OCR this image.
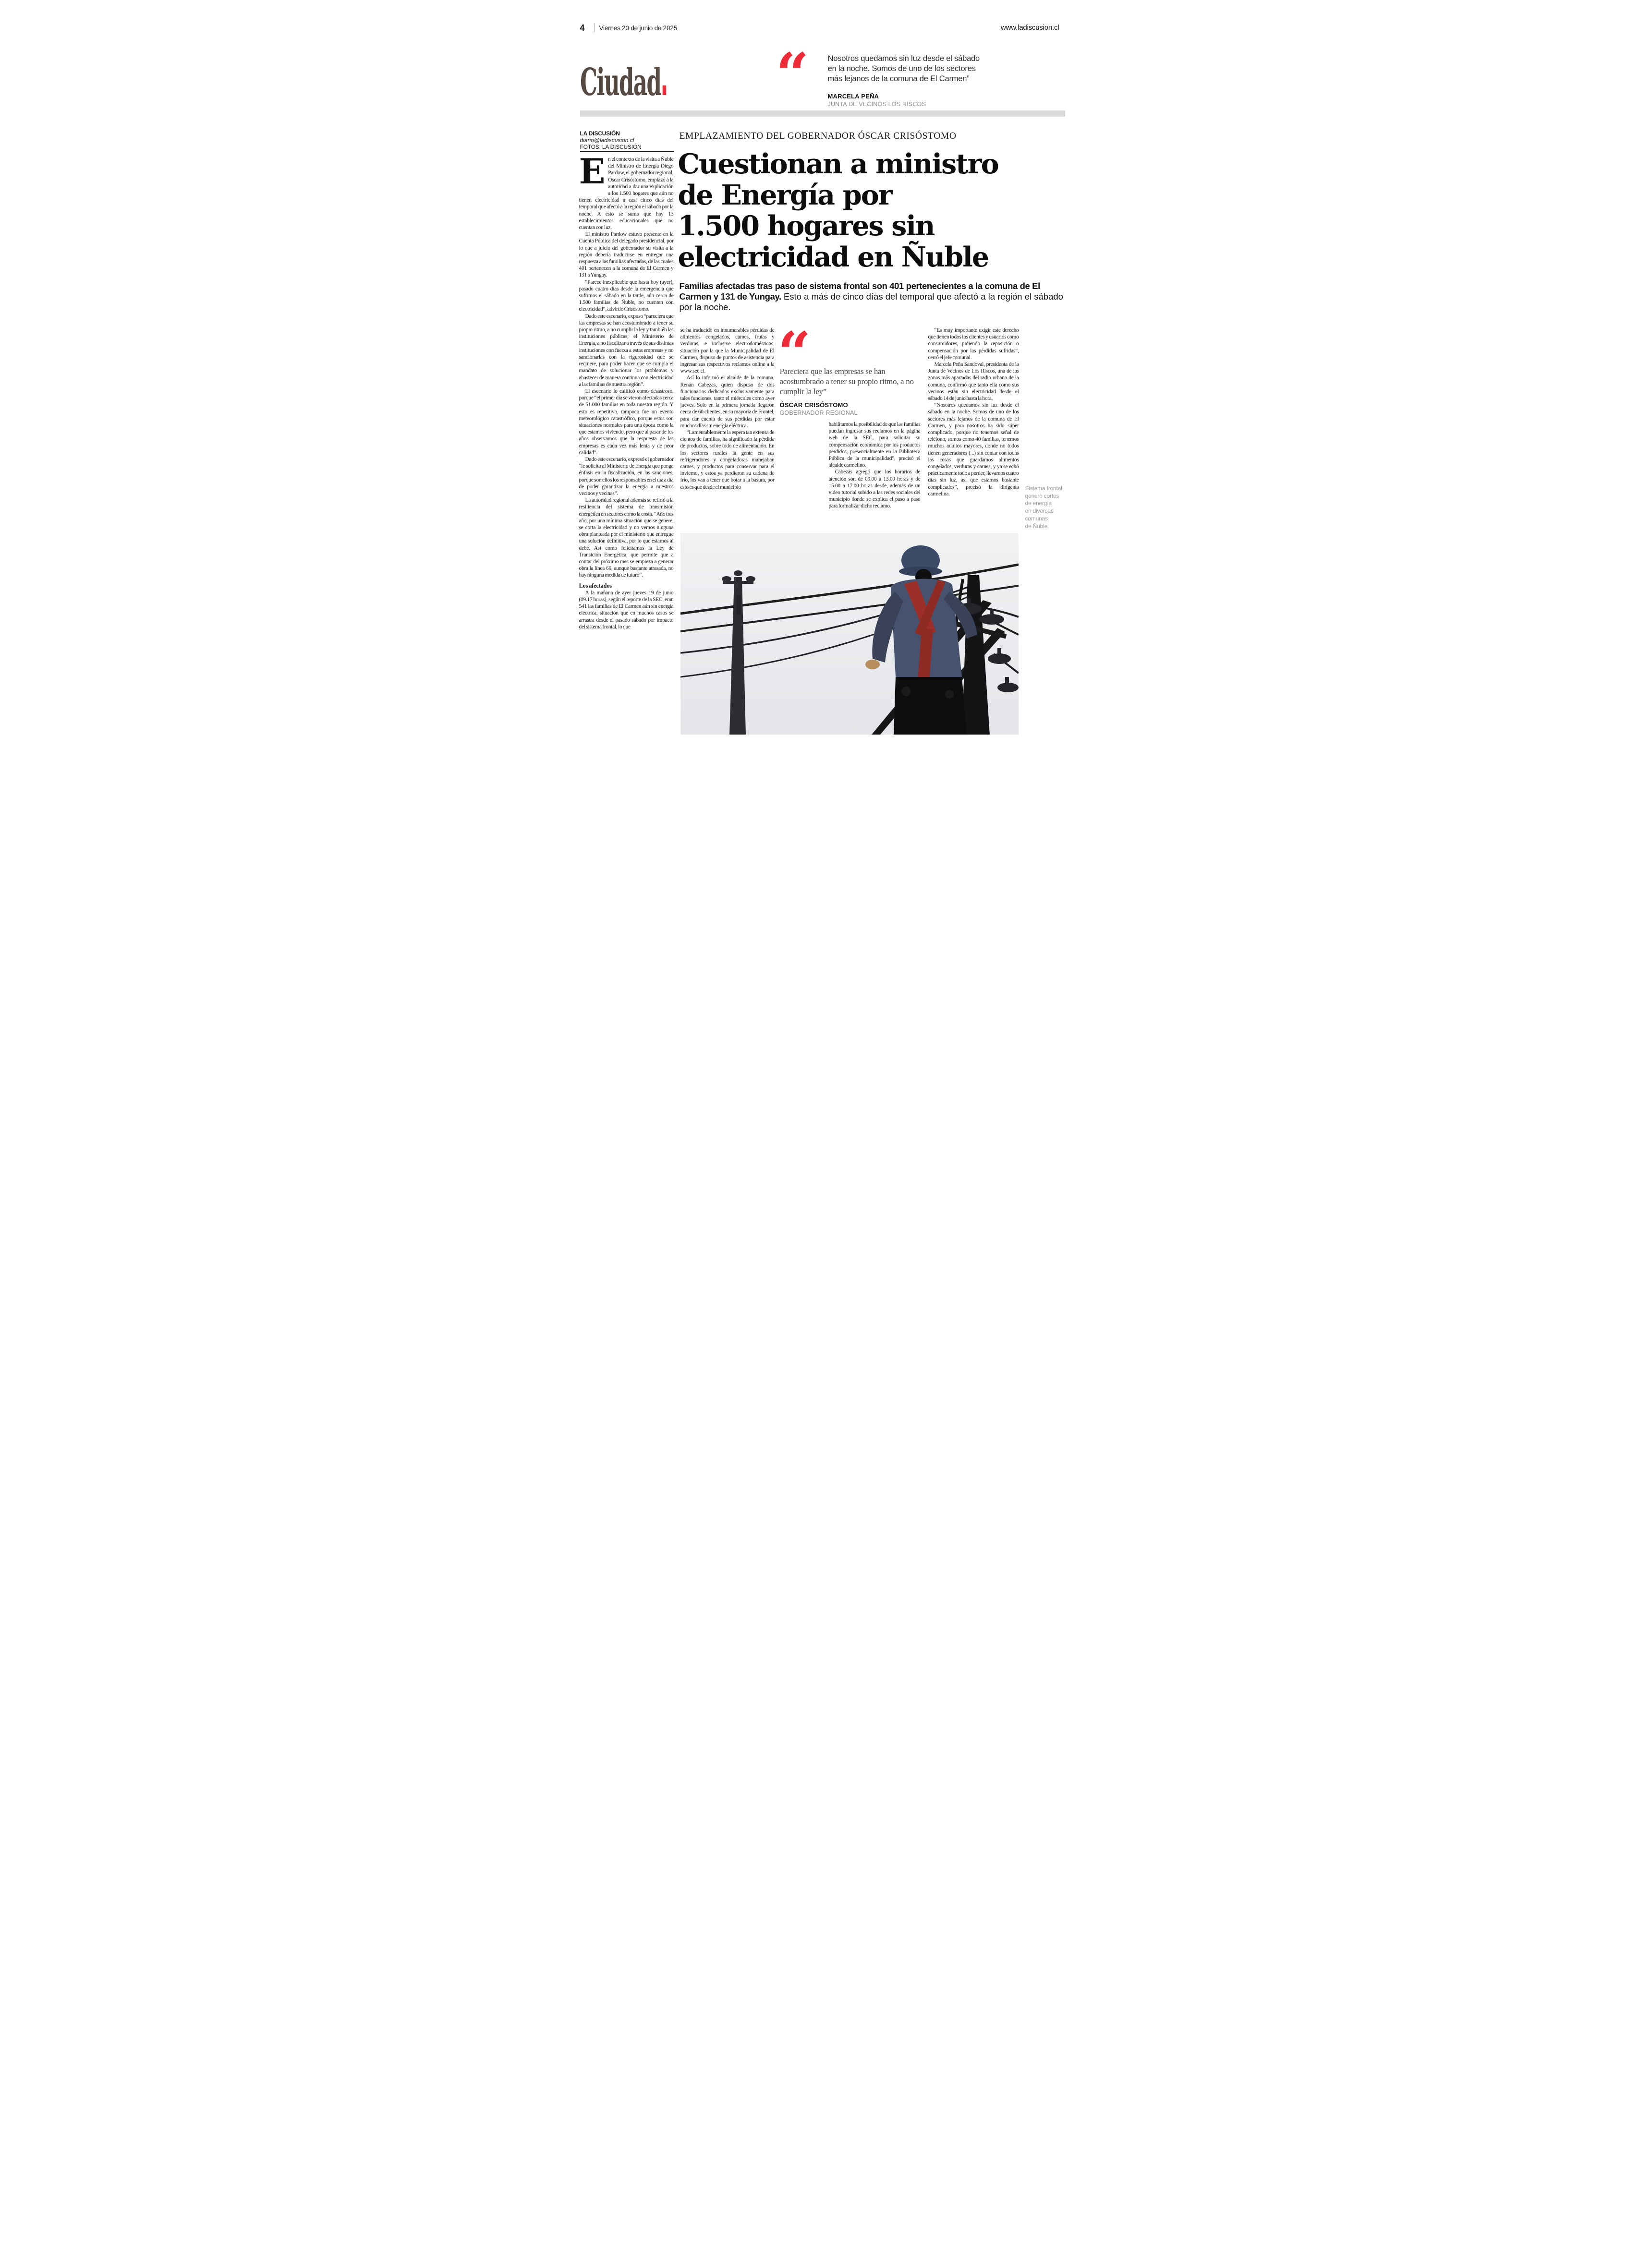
4 Viernes 20 de junio de 2025	www.ladiscusion.cl
Ciudad “	Nosotros quedamos sin luz desde el sábado en la noche. Somos de uno de los sectores más lejanos de la comuna de El Carmen”
MARCELA PEÑA
JUNTA DE VECINOS LOS RISCOS
LA DISCUSIÓN
diario@ladiscusion.cl
FOTOS: LA DISCUSIÓN
EMPLAZAMIENTO DEL GOBERNADOR ÓSCAR CRISÓSTOMO
Cuestionan a ministro
de Energía por
1.500 hogares sin
electricidad en Ñuble
Familias afectadas tras paso de sistema frontal son 401 pertenecientes a la comuna de El Carmen y 131 de Yungay. Esto a más de cinco días del temporal que afectó a la región el sábado por la noche.

En el contexto de la visita a Ñuble del Ministro de Energía Diego Pardow, el gobernador regional, Óscar Crisóstomo, emplazó a la autoridad a dar una explicación a los 1.500 hogares que aún no tienen electricidad a casi cinco días del temporal que afectó a la región el sábado por la noche. A esto se suma que hay 13 establecimientos educacionales que no cuentan con luz.

El ministro Pardow estuvo presente en la Cuenta Pública del delegado presidencial, por lo que a juicio del gobernador su visita a la región debería traducirse en entregar una respuesta a las familias afectadas, de las cuales 401 pertenecen a la comuna de El Carmen y 131 a Yungay.

“Parece inexplicable que hasta hoy (ayer), pasado cuatro días desde la emergencia que sufrimos el sábado en la tarde, aún cerca de 1.500 familias de Ñuble, no cuenten con electricidad”, advirtió Crisóstomo.

Dado este escenario, expuso “pareciera que las empresas se han acostumbrado a tener su propio ritmo, a no cumplir la ley y también las instituciones públicas, el Ministerio de Energía, a no fiscalizar a través de sus distintas instituciones con fuerza a estas empresas y no sancionarlas con la rigurosidad que se requiere, para poder hacer que se cumpla el mandato de solucionar los problemas y abastecer de manera continua con electricidad a las familias de nuestra región”.

El escenario lo calificó como desastroso, porque “el primer día se vieron afectadas cerca de 51.000 familias en toda nuestra región. Y esto es repetitivo, tampoco fue un evento meteorológico catastrófico, porque estos son situaciones normales para una época como la que estamos viviendo, pero que al pasar de los años observamos que la respuesta de las empresas es cada vez más lenta y de peor calidad”.

Dado este escenario, expresó el gobernador “le solicito al Ministerio de Energía que ponga énfasis en la fiscalización, en las sanciones, porque son ellos los responsables en el día a día de poder garantizar la energía a nuestros vecinos y vecinas”.

La autoridad regional además se refirió a la resiliencia del sistema de transmisión energética en sectores como la costa. “Año tras año, por una mínima situación que se genere, se corta la electricidad y no vemos ninguna obra planteada por el ministerio que entregue una solución definitiva, por lo que estamos al debe. Así como felicitamos la Ley de Transición Energética, que permite que a contar del próximo mes se empieza a generar obra la línea 66, aunque bastante atrasada, no hay ninguna medida de futuro”.

Los afectados

A la mañana de ayer jueves 19 de junio (09.17 horas), según el reporte de la SEC, eran 541 las familias de El Carmen aún sin energía eléctrica, situación que en muchos casos se arrastra desde el pasado sábado por impacto del sistema frontal, lo que

se ha traducido en innumerables pérdidas de alimentos congelados, carnes, frutas y verduras, e inclusive electrodomésticos, situación por la que la Municipalidad de El Carmen, dispuso de puntos de asistencia para ingresar sus respectivos reclamos online a la www.sec.cl.

Así lo informó el alcalde de la comuna, Renán Cabezas, quien dispuso de dos funcionarios dedicados exclusivamente para tales funciones, tanto el miércoles como ayer jueves. Solo en la primera jornada llegaron cerca de 60 clientes, en su mayoría de Frontel, para dar cuenta de sus pérdidas por estar muchos días sin energía eléctrica.

“Lamentablemente la espera tan extensa de cientos de familias, ha significado la pérdida de productos, sobre todo de alimentación. En los sectores rurales la gente en sus refrigeradores y congeladoras manejaban carnes, y productos para conservar para el invierno, y estos ya perdieron su cadena de frío, los van a tener que botar a la basura, por esto es que desde el municipio

“
Pareciera que las empresas se han acostumbrado a tener su propio ritmo, a no cumplir la ley”
ÓSCAR CRISÓSTOMO
GOBERNADOR REGIONAL

habilitamos la posibilidad de que las familias puedan ingresar sus reclamos en la página web de la SEC, para solicitar su compensación económica por los productos perdidos, presencialmente en la Biblioteca Pública de la municipalidad”, precisó el alcalde carmelino.

Cabezas agregó que los horarios de atención son de 09.00 a 13.00 horas y de 15.00 a 17.00 horas desde, además de un video tutorial subido a las redes sociales del municipio donde se explica el paso a paso para formalizar dicho reclamo.

“Es muy importante exigir este derecho que tienen todos los clientes y usuarios como consumidores, pidiendo la reposición o compensación por las pérdidas sufridas”, cerró el jefe comunal.

Marcela Peña Sandoval, presidenta de la Junta de Vecinos de Los Riscos, una de las zonas más apartadas del radio urbano de la comuna, confirmó que tanto ella como sus vecinos están sin electricidad desde el sábado 14 de junio hasta la hora.

“Nosotros quedamos sin luz desde el sábado en la noche. Somos de uno de los sectores más lejanos de la comuna de El Carmen, y para nosotros ha sido súper complicado, porque no tenemos señal de teléfono, somos como 40 familias, tenemos muchos adultos mayores, donde no todos tienen generadores (...) sin contar con todas las cosas que guardamos alimentos congelados, verduras y carnes, y ya se echó prácticamente todo a perder, llevamos cuatro días sin luz, así que estamos bastante complicados”, precisó la dirigenta carmelina.

Sistema frontal
generò cortes
de energía
en diversas
comunas
de Ñuble.
